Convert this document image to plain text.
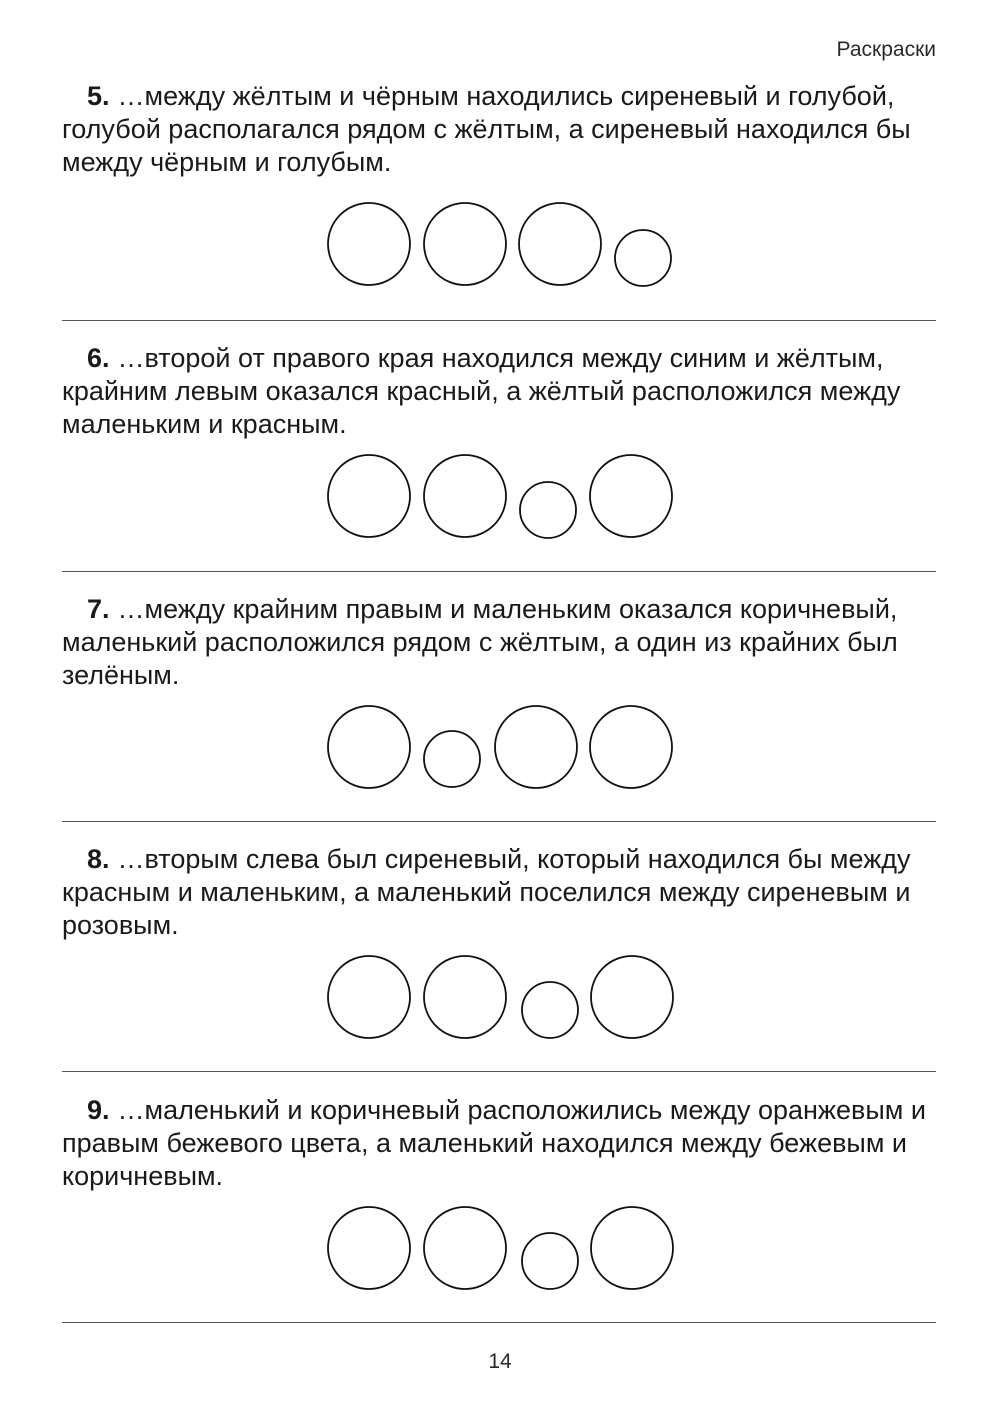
Раскраски

5. …между жёлтым и чёрным находились сиреневый и голубой, голубой располагался рядом с жёлтым, а сиреневый находился бы между чёрным и голубым.

6. …второй от правого края находился между синим и жёлтым, крайним левым оказался красный, а жёлтый расположился между маленьким и красным.

7. …между крайним правым и маленьким оказался коричневый, маленький расположился рядом с жёлтым, а один из крайних был зелёным.

8. …вторым слева был сиреневый, который находился бы между красным и маленьким, а маленький поселился между сиреневым и розовым.

9. …маленький и коричневый расположились между оранжевым и правым бежевого цвета, а маленький находился между бежевым и коричневым.

14
